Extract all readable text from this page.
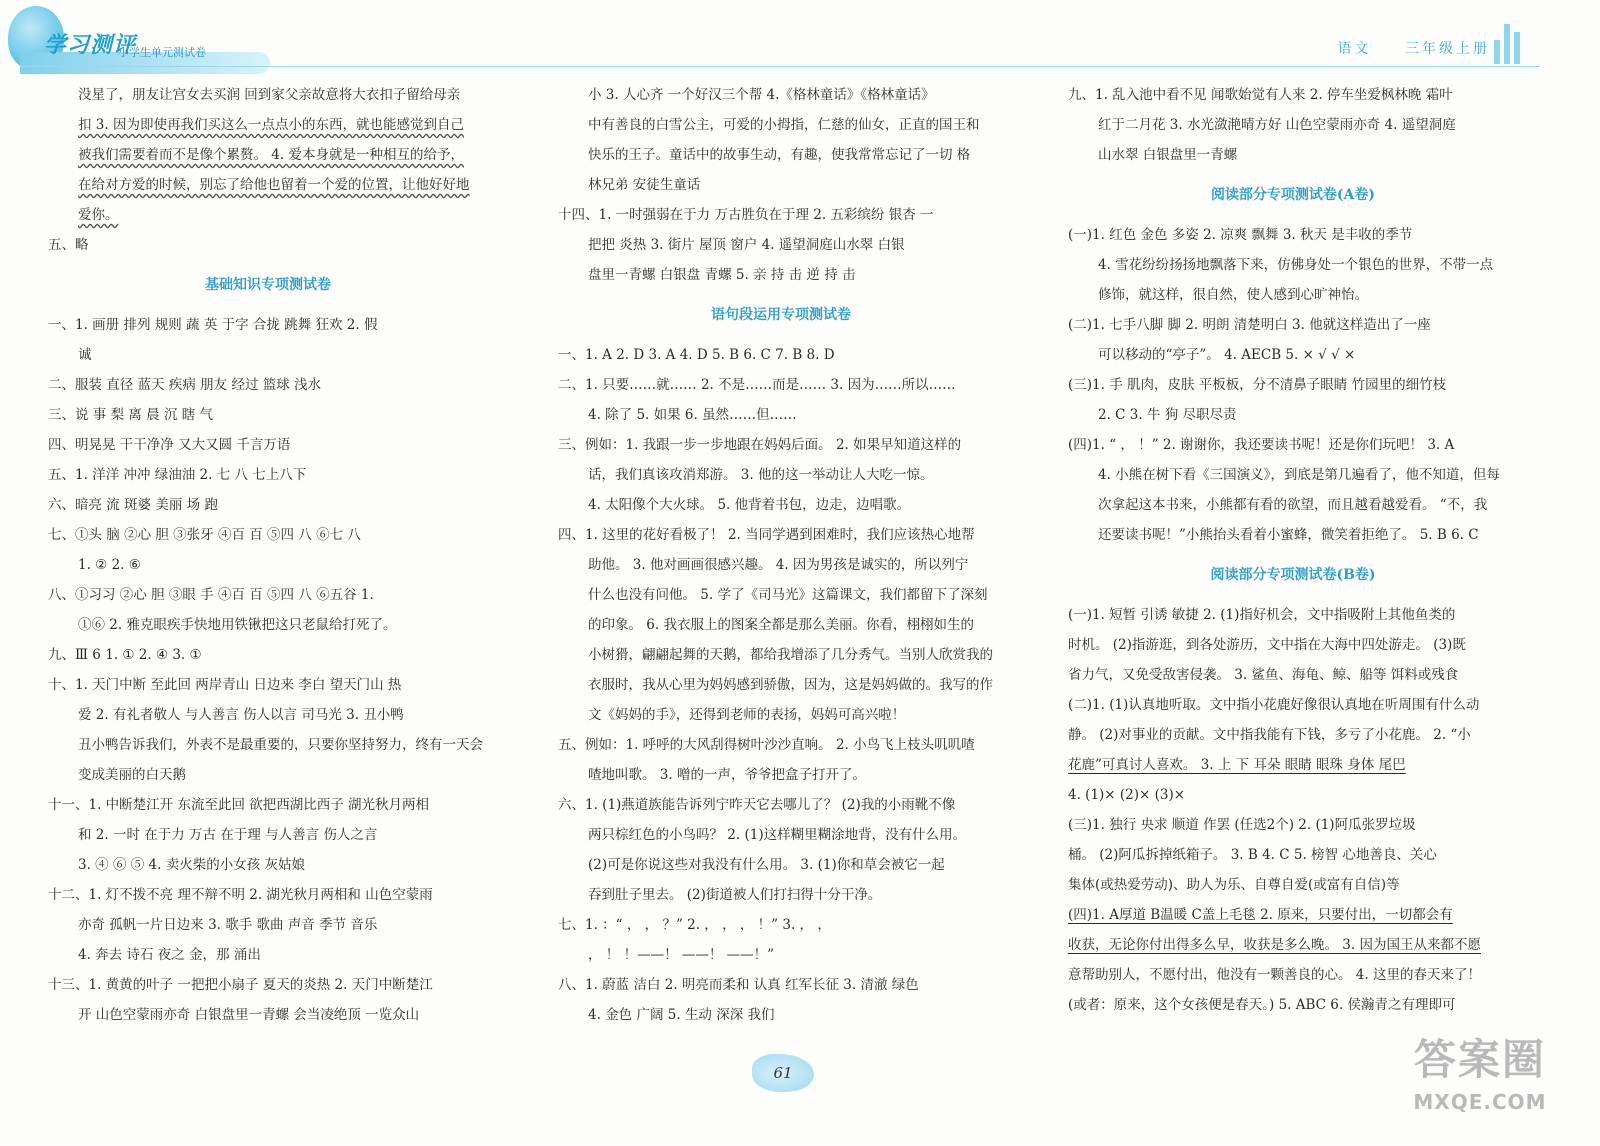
学习测评
小学生单元测试卷	语文 三年级上册
没星了，朋友让宫女去买润 回到家父亲故意将大衣扣子留给母亲
扣 3. 因为即使再我们买这么一点点小的东西，就也能感觉到自己
被我们需要着而不是像个累赘。 4. 爱本身就是一种相互的给予，
在给对方爱的时候，别忘了给他也留着一个爱的位置，让他好好地
爱你。
五、略
基础知识专项测试卷
一、1. 画册 排列 规则 蔬 英 于字 合拢 跳舞 狂欢 2. 假
诚
二、服装 直径 蓝天 疾病 朋友 经过 篮球 浅水
三、说 事 梨 离 晨 沉 瞎 气
四、明晃晃 干干净净 又大又圆 千言万语
五、1. 洋洋 冲冲 绿油油 2. 七 八 七上八下
六、暗亮 流 斑婆 美丽 场 跑
七、①头 脑 ②心 胆 ③张牙 ④百 百 ⑤四 八 ⑥七 八
1. ② 2. ⑥
八、①习习 ②心 胆 ③眼 手 ④百 百 ⑤四 八 ⑥五谷 1.
①⑥ 2. 雅克眼疾手快地用铁锹把这只老鼠给打死了。
九、Ⅲ 6 1. ① 2. ④ 3. ①
十、1. 天门中断 至此回 两岸青山 日边来 李白 望天门山 热
爱 2. 有礼者敬人 与人善言 伤人以言 司马光 3. 丑小鸭
丑小鸭告诉我们，外表不是最重要的，只要你坚持努力，终有一天会
变成美丽的白天鹅
十一、1. 中断楚江开 东流至此回 欲把西湖比西子 湖光秋月两相
和 2. 一时 在于力 万古 在于理 与人善言 伤人之言
3. ④ ⑥ ⑤ 4. 卖火柴的小女孩 灰姑娘
十二、1. 灯不拨不亮 理不辩不明 2. 湖光秋月两相和 山色空蒙雨
亦奇 孤帆一片日边来 3. 歌手 歌曲 声音 季节 音乐
4. 奔去 诗石 夜之 金，那 涌出
十三、1. 黄黄的叶子 一把把小扇子 夏天的炎热 2. 天门中断楚江
开 山色空蒙雨亦奇 白银盘里一青螺 会当凌绝顶 一览众山
小 3. 人心齐 一个好汉三个帮 4.《格林童话》《格林童话》
中有善良的白雪公主，可爱的小拇指，仁慈的仙女，正直的国王和
快乐的王子。童话中的故事生动，有趣，使我常常忘记了一切 格
林兄弟 安徒生童话
十四、1. 一时强弱在于力 万古胜负在于理 2. 五彩缤纷 银杏 一
把把 炎热 3. 街片 屋顶 窗户 4. 遥望洞庭山水翠 白银
盘里一青螺 白银盘 青螺 5. 亲 持 击 逆 持 击
语句段运用专项测试卷
一、1. A 2. D 3. A 4. D 5. B 6. C 7. B 8. D
二、1. 只要……就…… 2. 不是……而是…… 3. 因为……所以……
4. 除了 5. 如果 6. 虽然……但……
三、例如：1. 我跟一步一步地跟在妈妈后面。 2. 如果早知道这样的
话，我们真该攻消郑游。 3. 他的这一举动让人大吃一惊。
4. 太阳像个大火球。 5. 他背着书包，边走，边唱歌。
四、1. 这里的花好看极了！ 2. 当同学遇到困难时，我们应该热心地帮
助他。 3. 他对画画很感兴趣。 4. 因为男孩是诚实的，所以列宁
什么也没有问他。 5. 学了《司马光》这篇课文，我们都留下了深刻
的印象。 6. 我衣服上的图案全都是那么美丽。你看，栩栩如生的
小树猾，翩翩起舞的天鹅，都给我增添了几分秀气。当别人欣赏我的
衣服时，我从心里为妈妈感到骄傲，因为，这是妈妈做的。我写的作
文《妈妈的手》，还得到老师的表扬，妈妈可高兴啦！
五、例如：1. 呼呼的大风刮得树叶沙沙直响。 2. 小鸟飞上枝头叽叽喳
喳地叫歌。 3. 噌的一声，爷爷把盒子打开了。
六、1. (1)燕道族能告诉列宁昨天它去哪儿了？ (2)我的小雨靴不像
两只棕红色的小鸟吗？ 2. (1)这样糊里糊涂地背，没有什么用。
(2)可是你说这些对我没有什么用。 3. (1)你和草会被它一起
吞到肚子里去。 (2)街道被人们打扫得十分干净。
七、1. ：“ ， ， ？” 2. ， ， ， ！” 3. ， ，
， ！ ！——！ ——！ ——！”
八、1. 蔚蓝 洁白 2. 明亮而柔和 认真 红军长征 3. 清澈 绿色
4. 金色 广阔 5. 生动 深深 我们
九、1. 乱入池中看不见 闻歌始觉有人来 2. 停车坐爱枫林晚 霜叶
红于二月花 3. 水光潋滟晴方好 山色空蒙雨亦奇 4. 遥望洞庭
山水翠 白银盘里一青螺
阅读部分专项测试卷(A卷)
(一)1. 红色 金色 多姿 2. 凉爽 飘舞 3. 秋天 是丰收的季节
4. 雪花纷纷扬扬地飘落下来，仿佛身处一个银色的世界，不带一点
修饰，就这样，很自然，使人感到心旷神怡。
(二)1. 七手八脚 脚 2. 明朗 清楚明白 3. 他就这样造出了一座
可以移动的“亭子”。 4. AECB 5. × √ √ ×
(三)1. 手 肌肉，皮肤 平板板，分不清鼻子眼睛 竹园里的细竹枝
2. C 3. 牛 狗 尽职尽责
(四)1. “ ， ！” 2. 谢谢你，我还要读书呢！还是你们玩吧！ 3. A
4. 小熊在树下看《三国演义》，到底是第几遍看了，他不知道，但每
次拿起这本书来，小熊都有看的欲望，而且越看越爱看。 “不，我
还要读书呢！”小熊抬头看着小蜜蜂，微笑着拒绝了。 5. B 6. C
阅读部分专项测试卷(B卷)
(一)1. 短暂 引诱 敏捷 2. (1)指好机会，文中指吸附上其他鱼类的
时机。 (2)指游逛，到各处游历，文中指在大海中四处游走。 (3)既
省力气，又免受敌害侵袭。 3. 鲨鱼、海龟、鲸、船等 饵料或残食
(二)1. (1)认真地听取。文中指小花鹿好像很认真地在听周围有什么动
静。 (2)对事业的贡献。文中指我能有下钱，多亏了小花鹿。 2. “小
花鹿”可真讨人喜欢。 3. 上 下 耳朵 眼睛 眼珠 身体 尾巴
4. (1)× (2)× (3)×
(三)1. 独行 央求 顺道 作罢 (任选2个) 2. (1)阿瓜张罗垃圾
桶。 (2)阿瓜拆掉纸箱子。 3. B 4. C 5. 榜智 心地善良、关心
集体(或热爱劳动)、助人为乐、自尊自爱(或富有自信)等
(四)1. A厚道 B温暖 C盖上毛毯 2. 原来，只要付出，一切都会有
收获，无论你付出得多么早，收获是多么晚。 3. 因为国王从来都不愿
意帮助别人，不愿付出，他没有一颗善良的心。 4. 这里的春天来了！
(或者：原来，这个女孩便是春天。) 5. ABC 6. 侯瀚青之有理即可
61	答案圈
MXQE.COM
